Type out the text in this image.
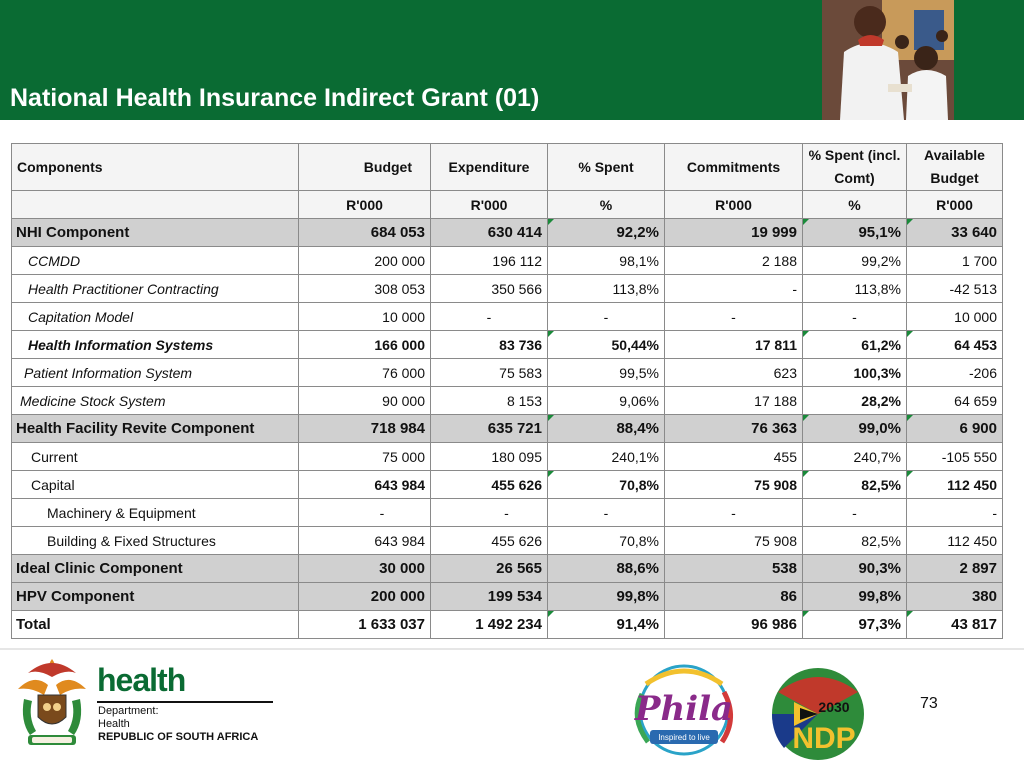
National Health Insurance Indirect Grant (01)
Components	Budget	Expenditure	% Spent	Commitments	% Spent (incl.
Comt)	Available
Budget
	R'000	R'000	%	R'000	%	R'000
NHI Component	684 053	630 414	92,2%	19 999	95,1%	33 640
CCMDD	200 000	196 112	98,1%	2 188	99,2%	1 700
Health Practitioner Contracting	308 053	350 566	113,8%	-	113,8%	-42 513
Capitation Model	10 000	-	-	-	-	10 000
Health Information Systems	166 000	83 736	50,44%	17 811	61,2%	64 453
Patient Information System	76 000	75 583	99,5%	623	100,3%	-206
Medicine Stock System	90 000	8 153	9,06%	17 188	28,2%	64 659
Health Facility Revite Component	718 984	635 721	88,4%	76 363	99,0%	6 900
Current	75 000	180 095	240,1%	455	240,7%	-105 550
Capital	643 984	455 626	70,8%	75 908	82,5%	112 450
Machinery & Equipment	-	-	-	-	-	-
Building & Fixed Structures	643 984	455 626	70,8%	75 908	82,5%	112 450
Ideal Clinic Component	30 000	26 565	88,6%	538	90,3%	2 897
HPV Component	200 000	199 534	99,8%	86	99,8%	380
Total	1 633 037	1 492 234	91,4%	96 986	97,3%	43 817
health
Department:
Health
REPUBLIC OF SOUTH AFRICA
Phila
Inspired to live
2030
NDP
73
